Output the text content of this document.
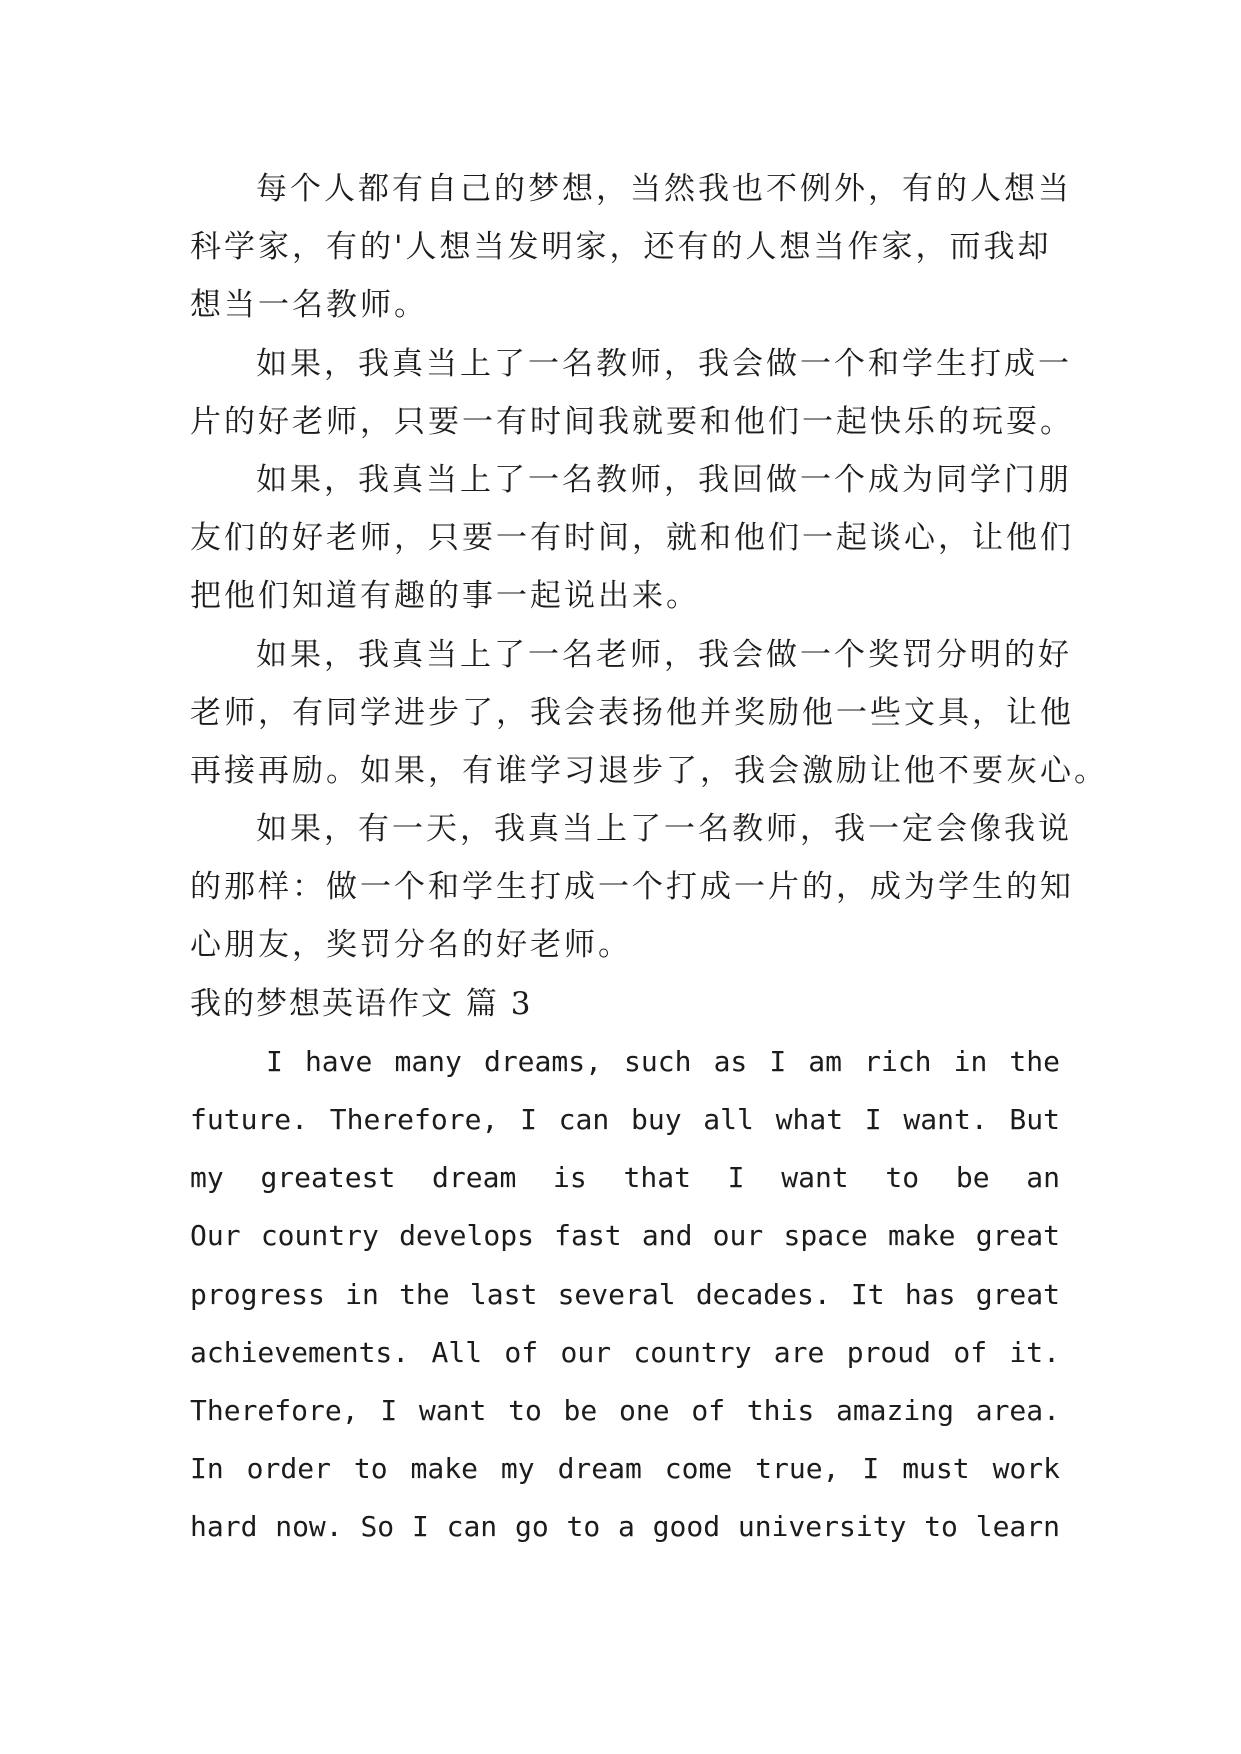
每个人都有自己的梦想，当然我也不例外，有的人想当
科学家，有的'人想当发明家，还有的人想当作家，而我却
想当一名教师。
如果，我真当上了一名教师，我会做一个和学生打成一
片的好老师，只要一有时间我就要和他们一起快乐的玩耍。
如果，我真当上了一名教师，我回做一个成为同学门朋
友们的好老师，只要一有时间，就和他们一起谈心，让他们
把他们知道有趣的事一起说出来。
如果，我真当上了一名老师，我会做一个奖罚分明的好
老师，有同学进步了，我会表扬他并奖励他一些文具，让他
再接再励。如果，有谁学习退步了，我会激励让他不要灰心。
如果，有一天，我真当上了一名教师，我一定会像我说
的那样：做一个和学生打成一个打成一片的，成为学生的知
心朋友，奖罚分名的好老师。
我的梦想英语作文 篇 3
I have many dreams, such as I am rich in the
future. Therefore, I can buy all what I want. But
my greatest dream is that I want to be an
Our country develops fast and our space make great
progress in the last several decades. It has great
achievements. All of our country are proud of it.
Therefore, I want to be one of this amazing area.
In order to make my dream come true, I must work
hard now. So I can go to a good university to learn
